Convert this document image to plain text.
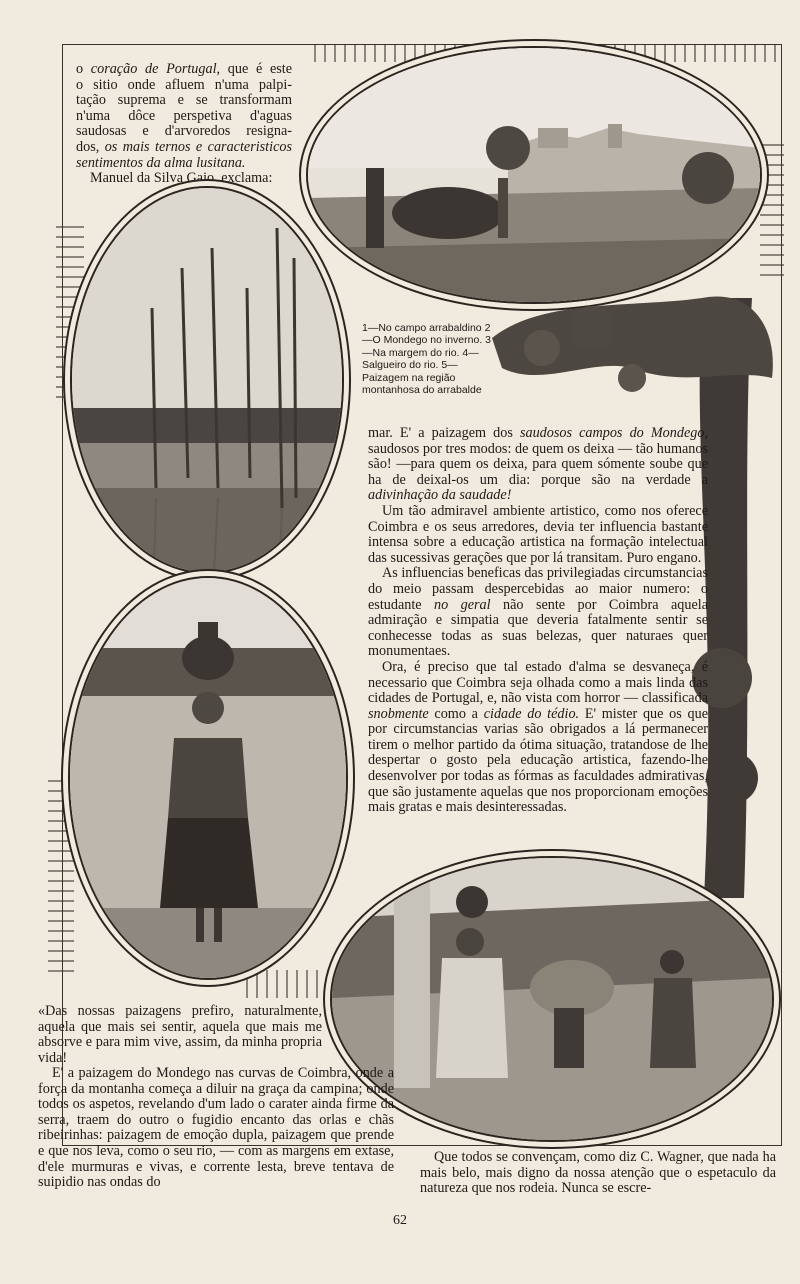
o coração de Portugal, que é este
o sitio onde afluem n'uma palpi-
tação suprema e se transformam
n'uma dôce perspetiva d'aguas
saudosas e d'arvoredos resigna-
dos, os mais ternos e caracteristicos
sentimentos da alma lusitana.
Manuel da Silva Gaio, exclama:
1—No campo arrabaldino 2—O Mondego no inverno. 3—Na margem do rio. 4—Salgueiro do rio. 5—Paizagem na região montanhosa do arrabalde

mar. E' a paizagem dos saudosos campos do Mondego, saudosos por tres modos: de quem os deixa — tão humanos são! —para quem os deixa, para quem sómente soube que ha de deixal-os um dia: porque são na verdade a adivinhação da saudade!

Um tão admiravel ambiente artistico, como nos oferece Coimbra e os seus arredores, devia ter influencia bastante intensa sobre a educação artistica na formação intelectual das sucessivas gerações que por lá transitam. Puro engano.

As influencias beneficas das privilegiadas circumstancias do meio passam despercebidas ao maior numero: o estudante no geral não sente por Coimbra aquela admiração e simpatia que deveria fatalmente sentir se conhecesse todas as suas belezas, quer naturaes quer monumentaes.

Ora, é preciso que tal estado d'alma se desvaneça, é necessario que Coimbra seja olhada como a mais linda das cidades de Portugal, e, não vista com horror — classificada snobmente como a cidade do tédio. E' mister que os que por circumstancias varias são obrigados a lá permanecer tirem o melhor partido da ótima situação, tratandose de lhe despertar o gosto pela educação artistica, fazendo-lhe desenvolver por todas as fórmas as faculdades admirativas, que são justamente aquelas que nos proporcionam emoções mais gratas e mais desinteressadas.

«Das nossas paizagens prefiro, naturalmente, aquela que mais sei sentir, aquela que mais me absorve e para mim vive, assim, da minha propria vida!

E' a paizagem do Mondego nas curvas de Coimbra, onde a força da montanha começa a diluir na graça da campina; onde todos os aspetos, revelando d'um lado o carater ainda firme da serra, traem do outro o fugidio encanto das orlas e chãs ribeirinhas: paizagem de emoção dupla, paizagem que prende e que nos leva, como o seu rio, — com as margens em extase, d'ele murmuras e vivas, e corrente lesta, breve tentava de suipidio nas ondas do

Que todos se convençam, como diz C. Wagner, que nada ha mais belo, mais digno da nossa atenção que o espetaculo da natureza que nos rodeia. Nunca se escre-

62
